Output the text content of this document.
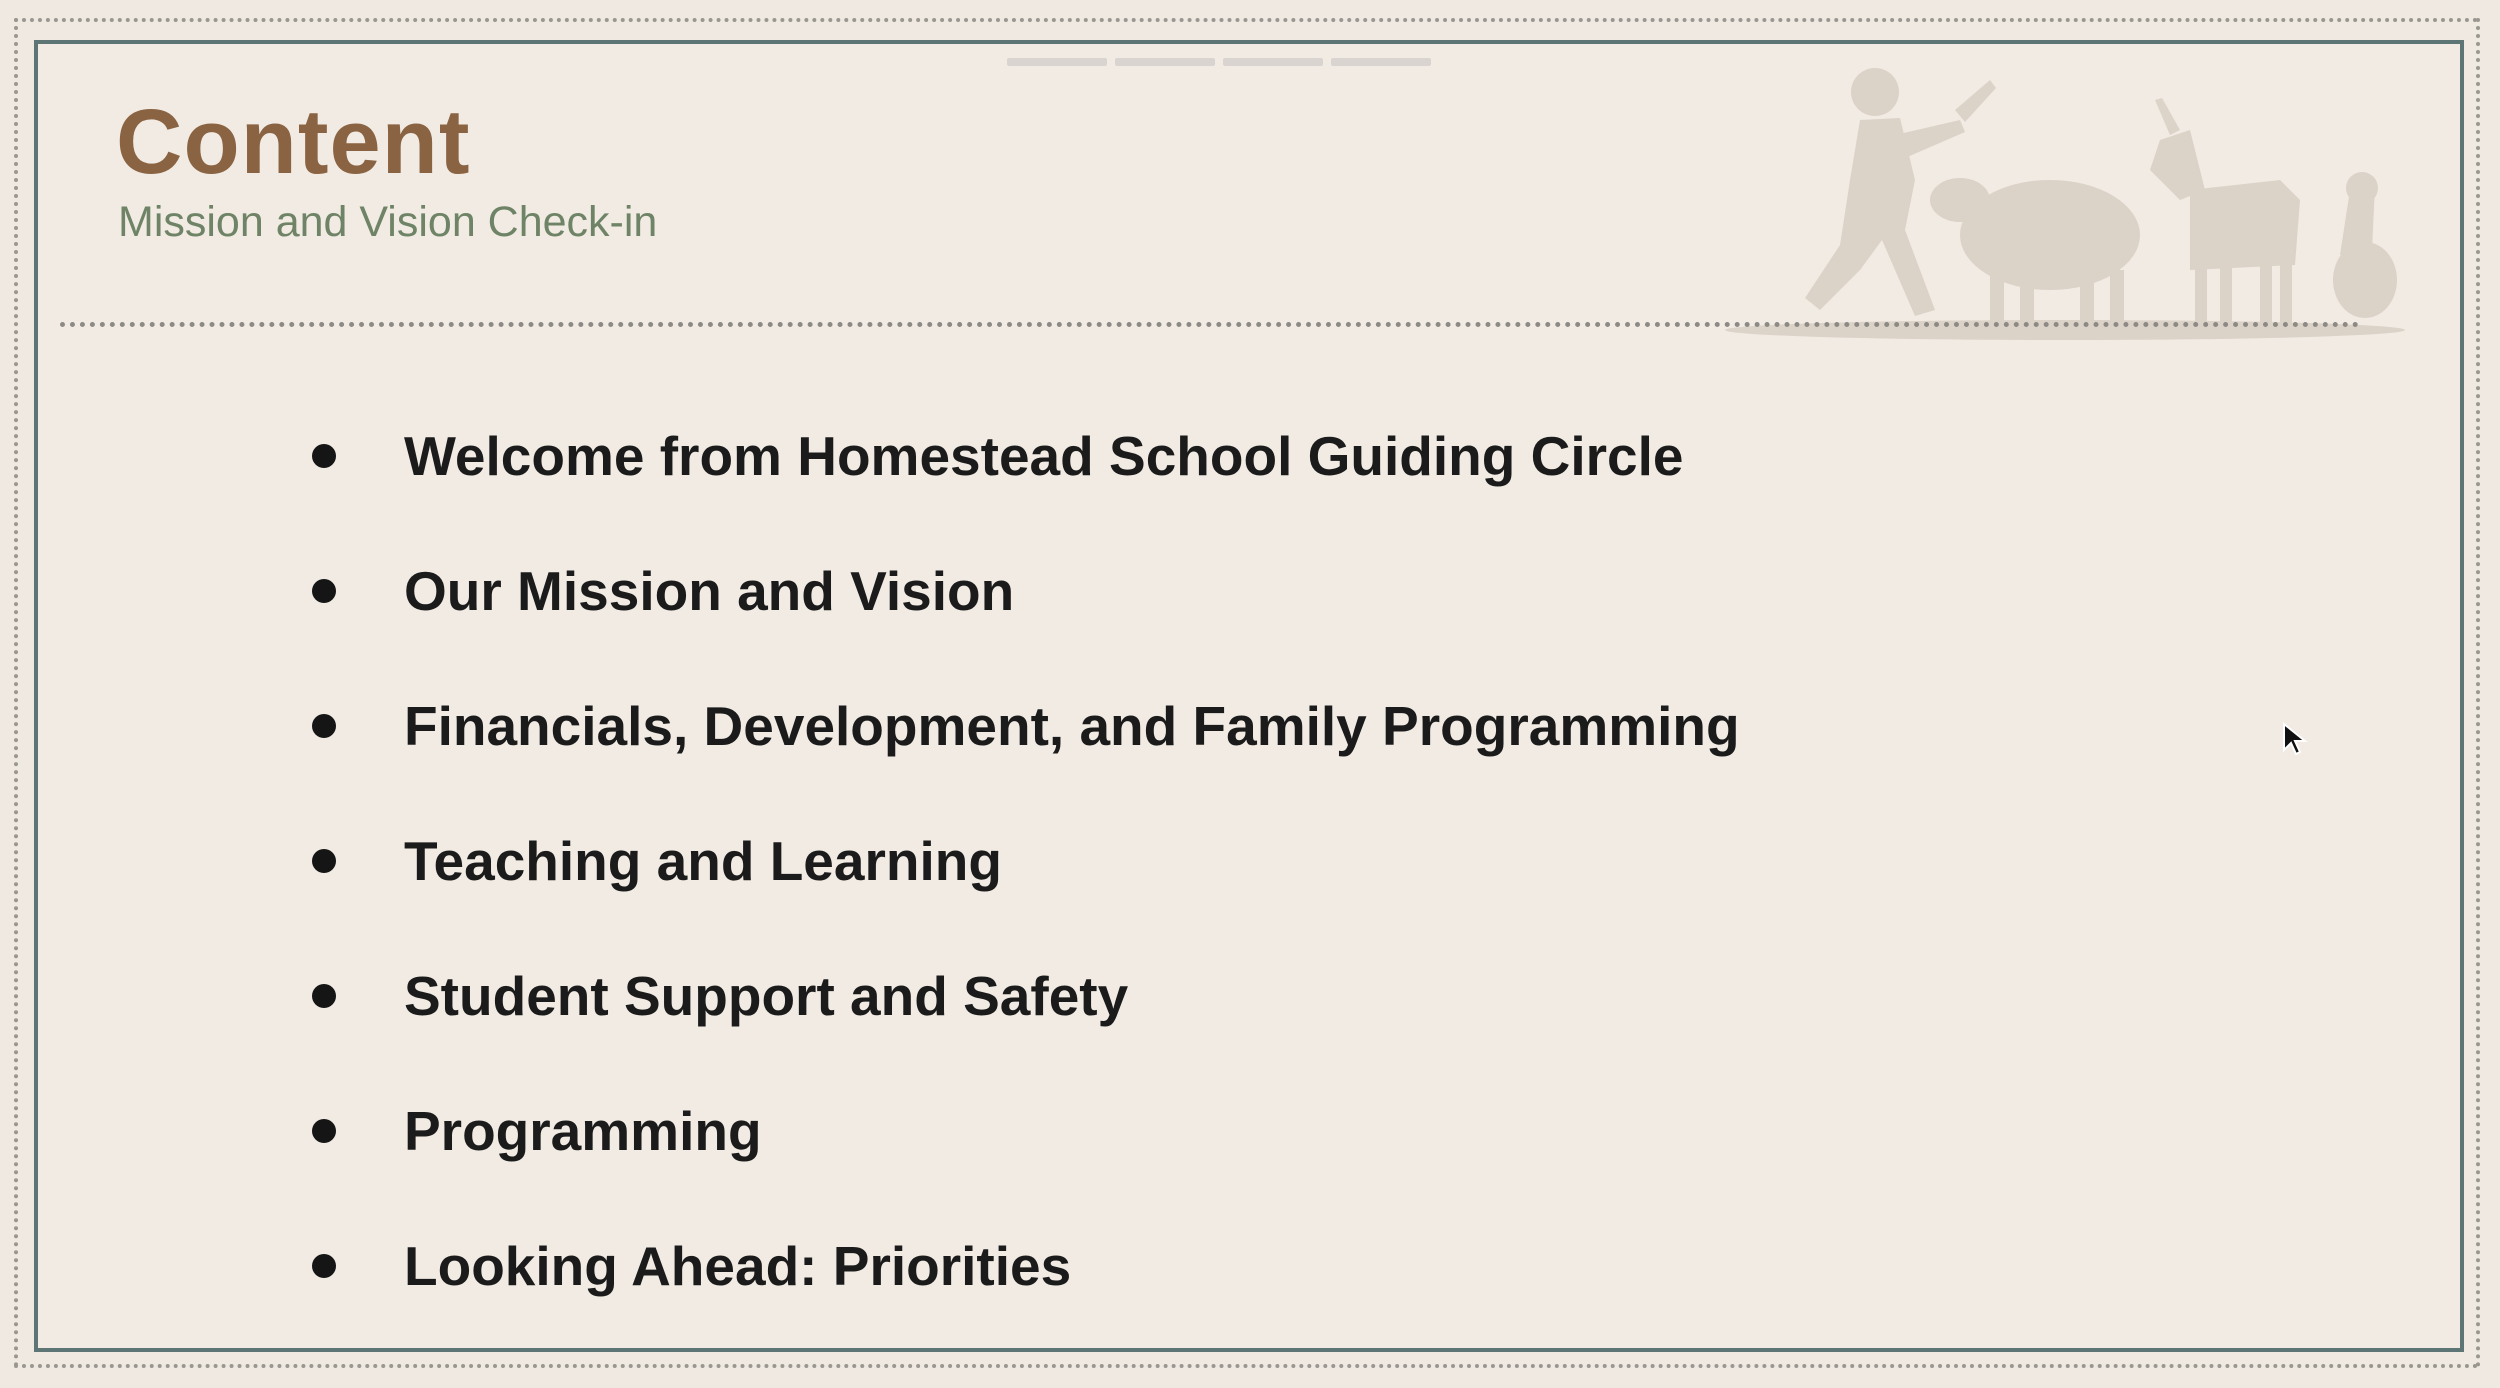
Content
Mission and Vision Check-in
Welcome from Homestead School Guiding Circle
Our Mission and Vision
Financials, Development, and Family Programming
Teaching and Learning
Student Support and Safety
Programming
Looking Ahead: Priorities
